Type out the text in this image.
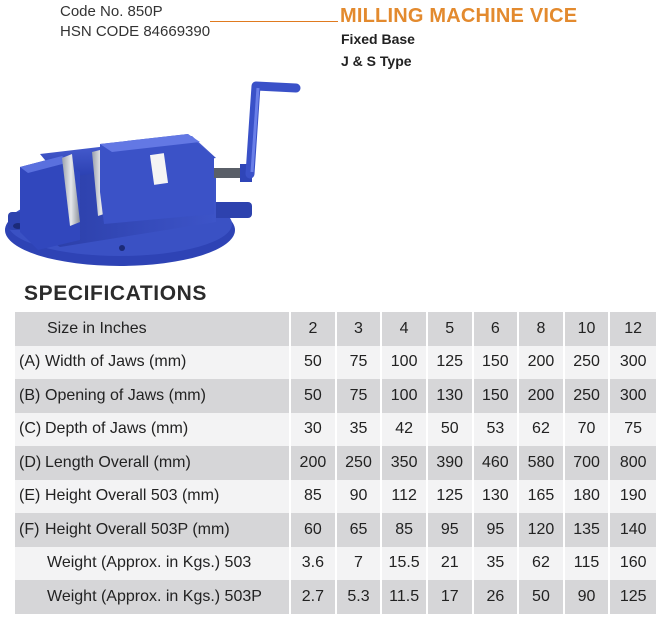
Code No. 850P
HSN CODE 84669390
MILLING MACHINE VICE
Fixed Base
J & S Type
SPECIFICATIONS
Size in Inches	2	3	4	5	6	8	10	12
(A) Width of Jaws (mm)	50	75	100	125	150	200	250	300
(B) Opening of Jaws (mm)	50	75	100	130	150	200	250	300
(C) Depth of Jaws (mm)	30	35	42	50	53	62	70	75
(D) Length Overall (mm)	200	250	350	390	460	580	700	800
(E) Height Overall 503 (mm)	85	90	112	125	130	165	180	190
(F) Height Overall 503P (mm)	60	65	85	95	95	120	135	140
Weight (Approx. in Kgs.) 503	3.6	7	15.5	21	35	62	115	160
Weight (Approx. in Kgs.) 503P	2.7	5.3	11.5	17	26	50	90	125
